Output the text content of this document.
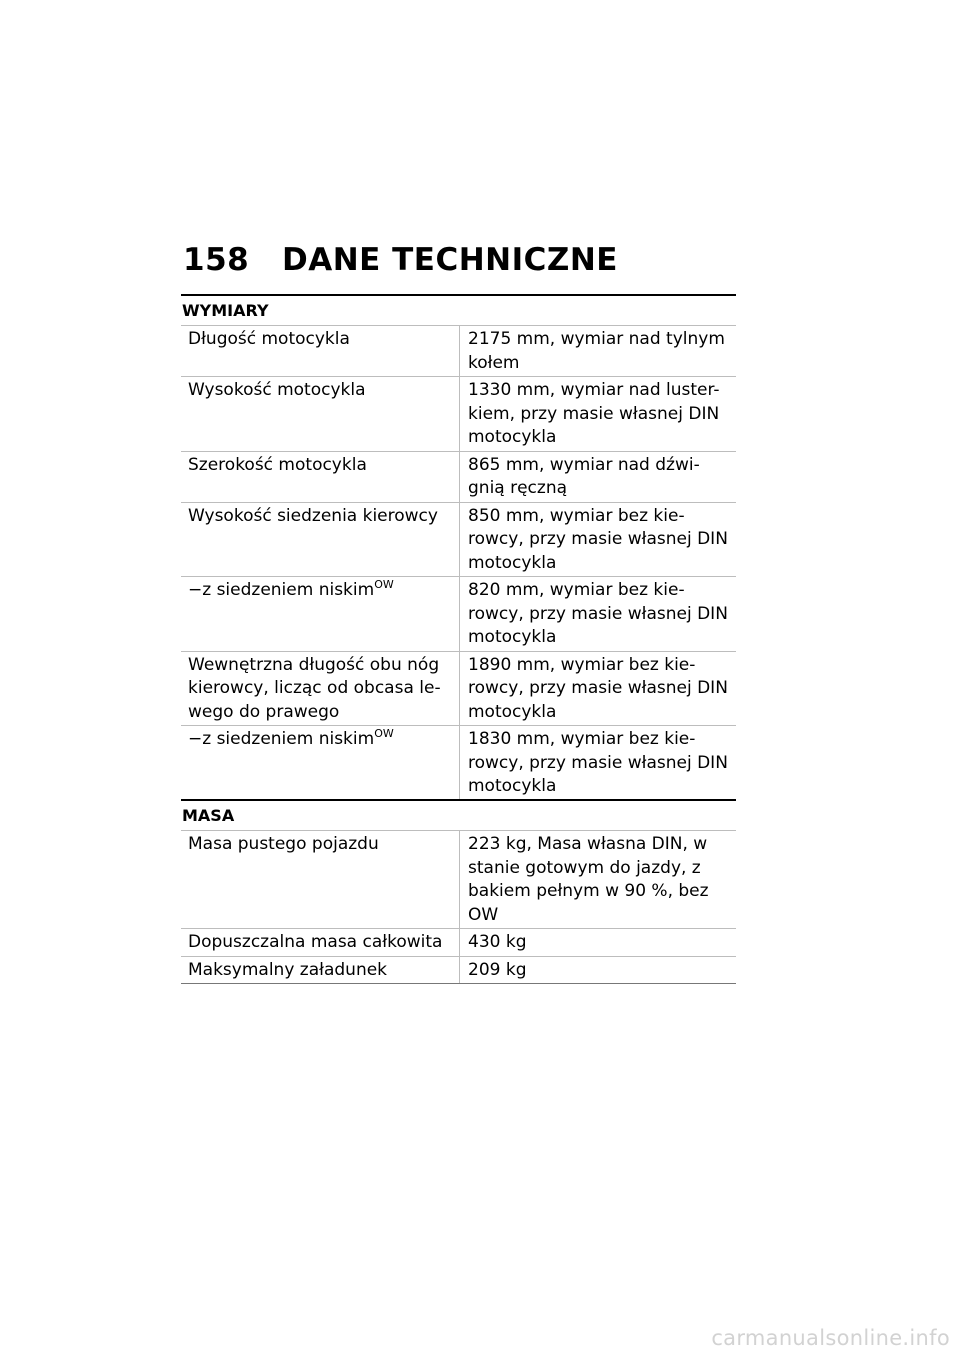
158 DANE TECHNICZNE
WYMIARY
Długość motocykla	2175 mm, wymiar nad tylnym kołem
Wysokość motocykla	1330 mm, wymiar nad luster-kiem, przy masie własnej DIN motocykla
Szerokość motocykla	865 mm, wymiar nad dźwi-gnią ręczną
Wysokość siedzenia kierowcy	850 mm, wymiar bez kie-rowcy, przy masie własnej DIN motocykla
−z siedzeniem niskim$^{OW}$	820 mm, wymiar bez kie-rowcy, przy masie własnej DIN motocykla
Wewnętrzna długość obu nóg kierowcy, licząc od obcasa le-wego do prawego	1890 mm, wymiar bez kie-rowcy, przy masie własnej DIN motocykla
−z siedzeniem niskim$^{OW}$	1830 mm, wymiar bez kie-rowcy, przy masie własnej DIN motocykla
MASA
Masa pustego pojazdu	223 kg, Masa własna DIN, w stanie gotowym do jazdy, z bakiem pełnym w 90 %, bez OW
Dopuszczalna masa całkowita	430 kg
Maksymalny załadunek	209 kg
carmanualsonline.info
